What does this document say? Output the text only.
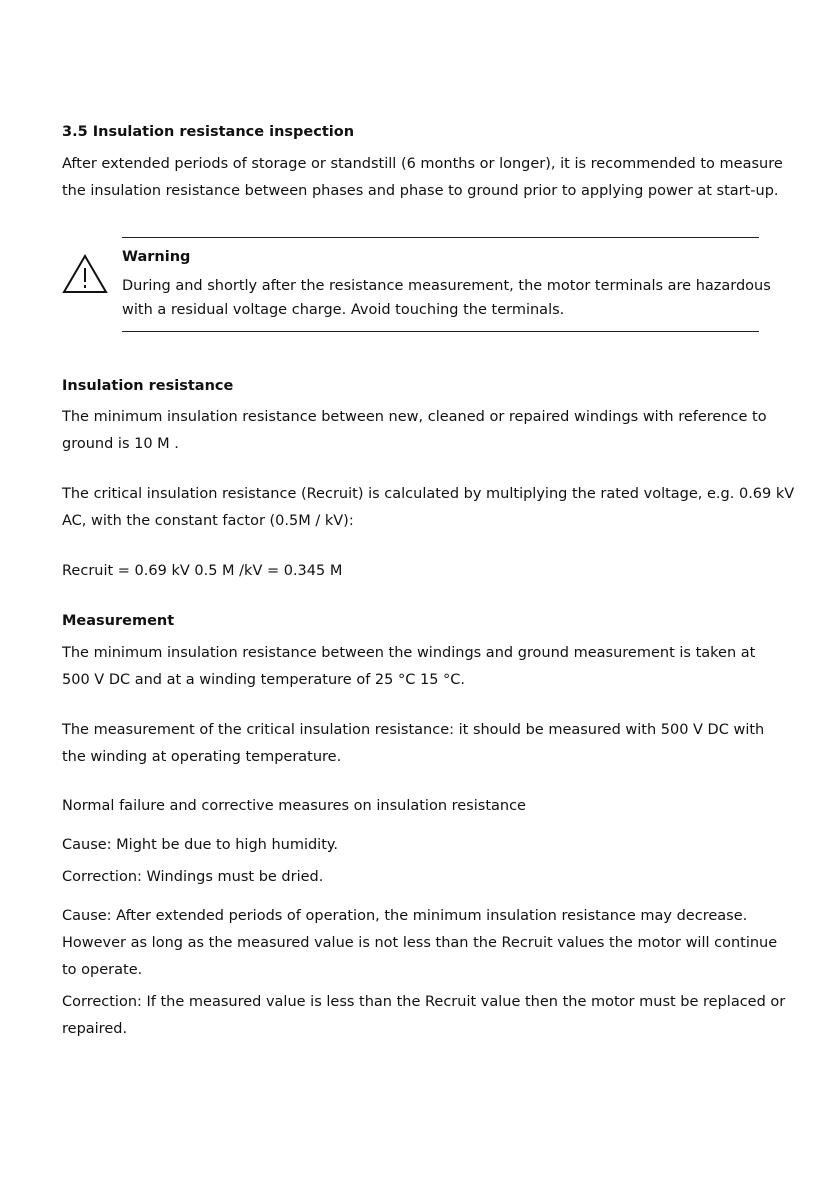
3.5 Insulation resistance inspection
After extended periods of storage or standstill (6 months or longer), it is recommended to measure
the insulation resistance between phases and phase to ground prior to applying power at start-up.
Warning
During and shortly after the resistance measurement, the motor terminals are hazardous
with a residual voltage charge. Avoid touching the terminals.
Insulation resistance
The minimum insulation resistance between new, cleaned or repaired windings with reference to
ground is 10 M .
The critical insulation resistance (Recruit) is calculated by multiplying the rated voltage, e.g. 0.69 kV
AC, with the constant factor (0.5M / kV):
Recruit = 0.69 kV 0.5 M /kV = 0.345 M
Measurement
The minimum insulation resistance between the windings and ground measurement is taken at
500 V DC and at a winding temperature of 25 °C 15 °C.
The measurement of the critical insulation resistance: it should be measured with 500 V DC with
the winding at operating temperature.
Normal failure and corrective measures on insulation resistance
Cause: Might be due to high humidity.
Correction: Windings must be dried.
Cause: After extended periods of operation, the minimum insulation resistance may decrease.
However as long as the measured value is not less than the Recruit values the motor will continue
to operate.
Correction: If the measured value is less than the Recruit value then the motor must be replaced or
repaired.
